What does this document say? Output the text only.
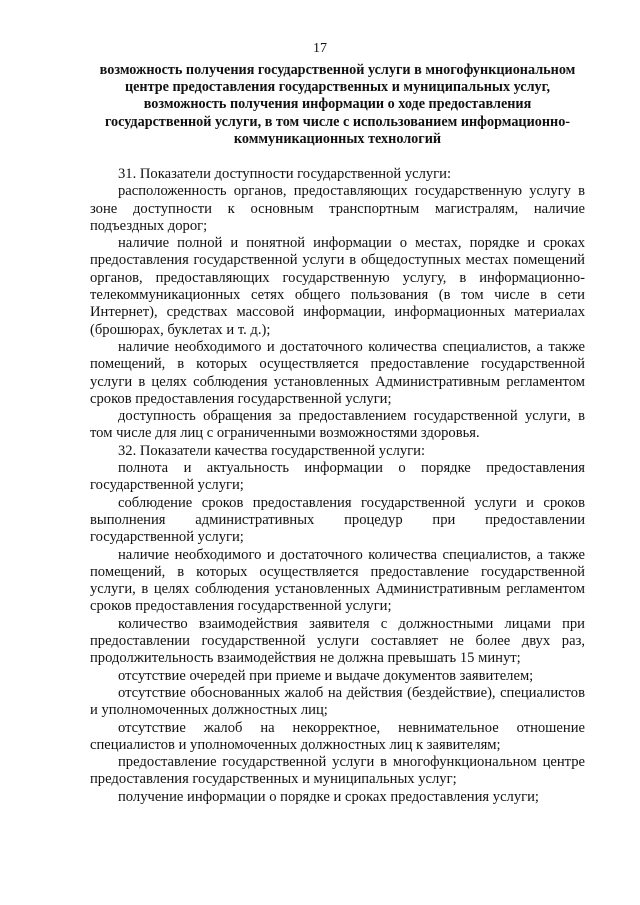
17
возможность получения государственной услуги в многофункциональном центре предоставления государственных и муниципальных услуг, возможность получения информации о ходе предоставления государственной услуги, в том числе с использованием информационно-коммуникационных технологий

31. Показатели доступности государственной услуги:

расположенность органов, предоставляющих государственную услугу в зоне доступности к основным транспортным магистралям, наличие подъездных дорог;

наличие полной и понятной информации о местах, порядке и сроках предоставления государственной услуги в общедоступных местах помещений органов, предоставляющих государственную услугу, в информационно-телекоммуникационных сетях общего пользования (в том числе в сети Интернет), средствах массовой информации, информационных материалах (брошюрах, буклетах и т. д.);

наличие необходимого и достаточного количества специалистов, а также помещений, в которых осуществляется предоставление государственной услуги в целях соблюдения установленных Административным регламентом сроков предоставления государственной услуги;

доступность обращения за предоставлением государственной услуги, в том числе для лиц с ограниченными возможностями здоровья.

32. Показатели качества государственной услуги:

полнота и актуальность информации о порядке предоставления государственной услуги;

соблюдение сроков предоставления государственной услуги и сроков выполнения административных процедур при предоставлении государственной услуги;

наличие необходимого и достаточного количества специалистов, а также помещений, в которых осуществляется предоставление государственной услуги, в целях соблюдения установленных Административным регламентом сроков предоставления государственной услуги;

количество взаимодействия заявителя с должностными лицами при предоставлении государственной услуги составляет не более двух раз, продолжительность взаимодействия не должна превышать 15 минут;

отсутствие очередей при приеме и выдаче документов заявителем;

отсутствие обоснованных жалоб на действия (бездействие), специалистов и уполномоченных должностных лиц;

отсутствие жалоб на некорректное, невнимательное отношение специалистов и уполномоченных должностных лиц к заявителям;

предоставление государственной услуги в многофункциональном центре предоставления государственных и муниципальных услуг;

получение информации о порядке и сроках предоставления услуги;
